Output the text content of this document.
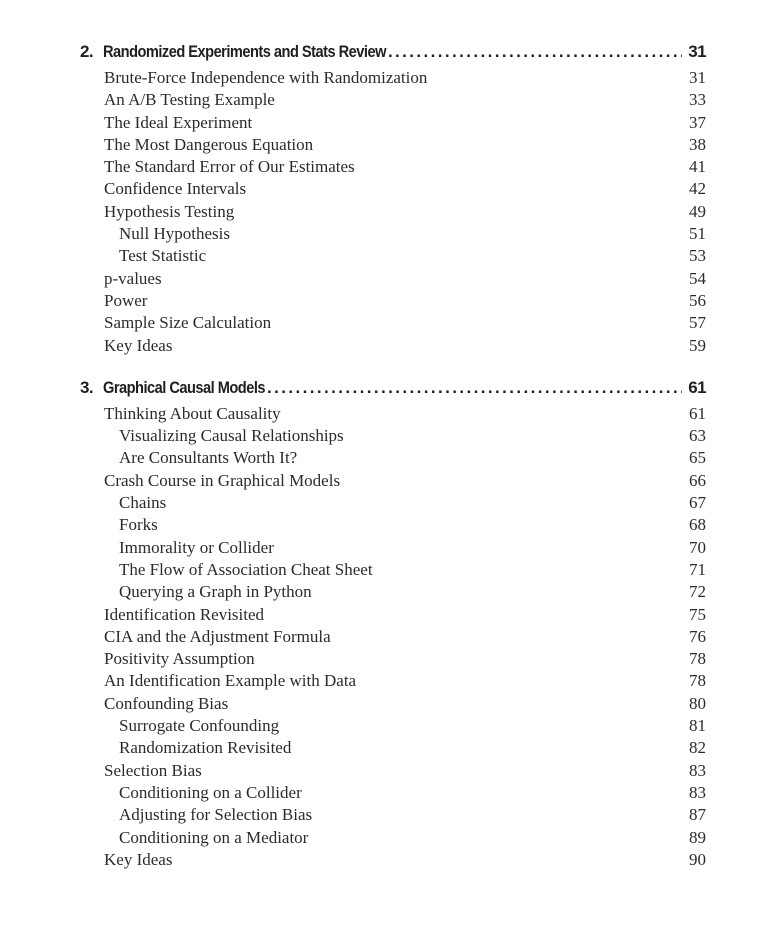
2. Randomized Experiments and Stats Review .....	31
Brute-Force Independence with Randomization	31
An A/B Testing Example	33
The Ideal Experiment	37
The Most Dangerous Equation	38
The Standard Error of Our Estimates	41
Confidence Intervals	42
Hypothesis Testing	49
Null Hypothesis	51
Test Statistic	53
p-values	54
Power	56
Sample Size Calculation	57
Key Ideas	59
3. Graphical Causal Models .....	61
Thinking About Causality	61
Visualizing Causal Relationships	63
Are Consultants Worth It?	65
Crash Course in Graphical Models	66
Chains	67
Forks	68
Immorality or Collider	70
The Flow of Association Cheat Sheet	71
Querying a Graph in Python	72
Identification Revisited	75
CIA and the Adjustment Formula	76
Positivity Assumption	78
An Identification Example with Data	78
Confounding Bias	80
Surrogate Confounding	81
Randomization Revisited	82
Selection Bias	83
Conditioning on a Collider	83
Adjusting for Selection Bias	87
Conditioning on a Mediator	89
Key Ideas	90
